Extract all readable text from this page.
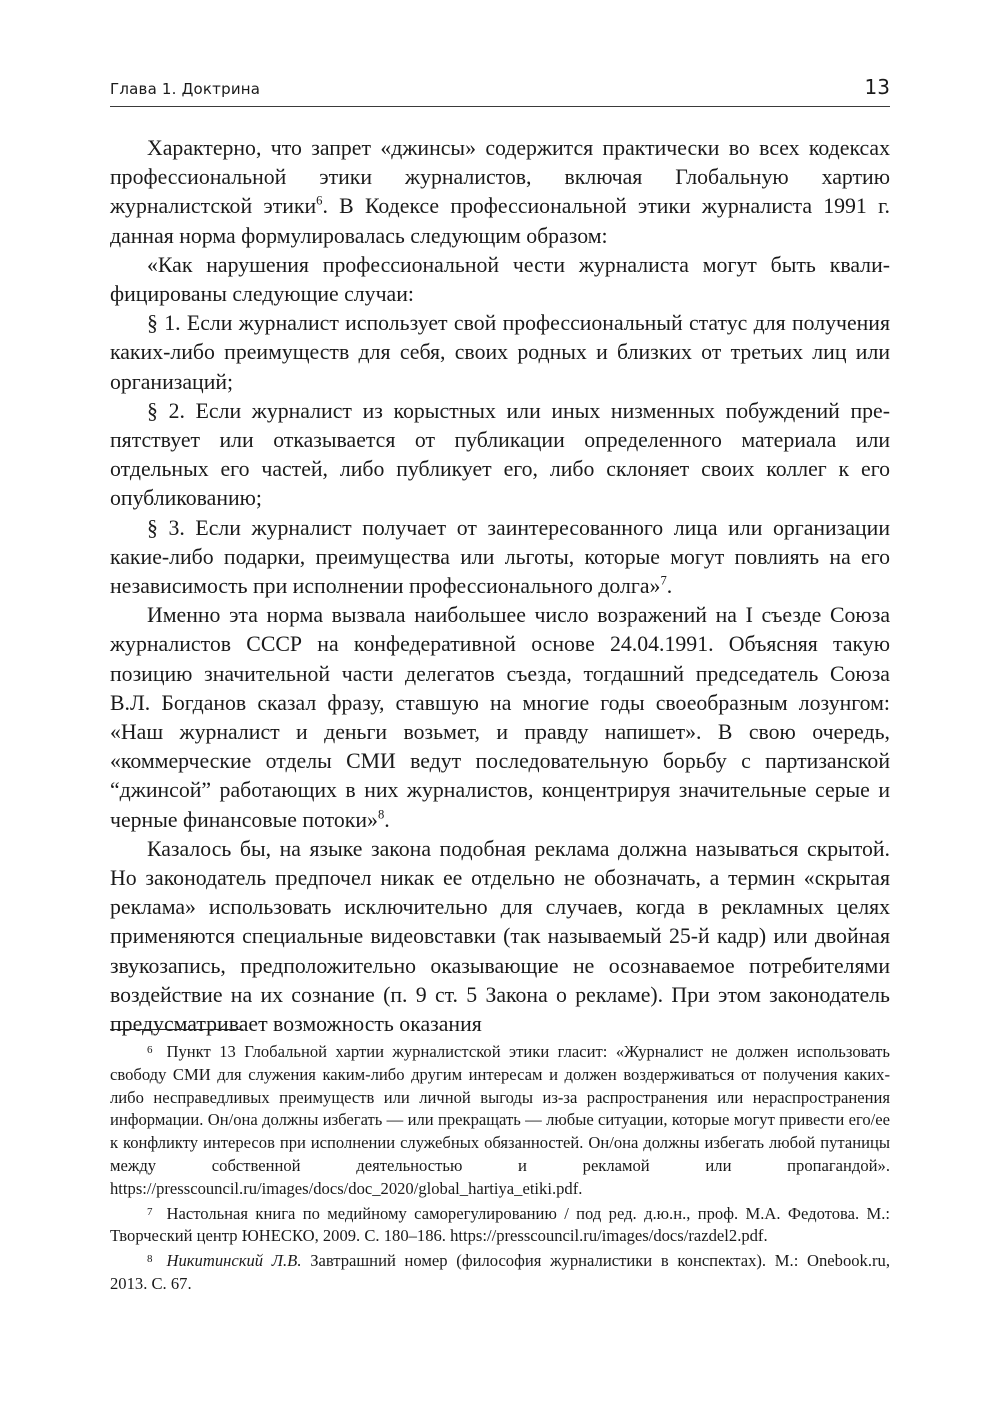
Глава 1. Доктрина	13

Характерно, что запрет «джинсы» содержится практически во всех кодексах профессиональной этики журналистов, включая Глобальную хартию журналистской этики$^6$. В Кодексе профессиональной этики журналиста 1991 г. данная норма формулировалась следующим образом:

«Как нарушения профессиональной чести журналиста могут быть квалифицированы следующие случаи:

§ 1. Если журналист использует свой профессиональный статус для получения каких-либо преимуществ для себя, своих родных и близких от третьих лиц или организаций;

§ 2. Если журналист из корыстных или иных низменных побуждений препятствует или отказывается от публикации определенного материала или отдельных его частей, либо публикует его, либо склоняет своих коллег к его опубликованию;

§ 3. Если журналист получает от заинтересованного лица или организации какие-либо подарки, преимущества или льготы, которые могут повлиять на его независимость при исполнении профессионального долга»$^7$.

Именно эта норма вызвала наибольшее число возражений на I съезде Союза журналистов СССР на конфедеративной основе 24.04.1991. Объясняя такую позицию значительной части делегатов съезда, тогдашний председатель Союза В.Л. Богданов сказал фразу, ставшую на многие годы своеобразным лозунгом: «Наш журналист и деньги возьмет, и правду напишет». В свою очередь, «коммерческие отделы СМИ ведут последовательную борьбу с партизанской “джинсой” работающих в них журналистов, концентрируя значительные серые и черные финансовые потоки»$^8$.

Казалось бы, на языке закона подобная реклама должна называться скрытой. Но законодатель предпочел никак ее отдельно не обозначать, а термин «скрытая реклама» использовать исключительно для случаев, когда в рекламных целях применяются специальные видеовставки (так называемый 25-й кадр) или двойная звукозапись, предположительно оказывающие не осознаваемое потребителями воздействие на их сознание (п. 9 ст. 5 Закона о рекламе). При этом законодатель предусматривает возможность оказания

$^6$ Пункт 13 Глобальной хартии журналистской этики гласит: «Журналист не должен использовать свободу СМИ для служения каким-либо другим интересам и должен воздерживаться от получения каких-либо несправедливых преимуществ или личной выгоды из-за распространения или нераспространения информации. Он/она должны избегать — или прекращать — любые ситуации, которые могут привести его/ее к конфликту интересов при исполнении служебных обязанностей. Он/она должны избегать любой путаницы между собственной деятельностью и рекламой или пропагандой». https://presscouncil.ru/images/docs/doc_2020/global_hartiya_etiki.pdf.

$^7$ Настольная книга по медийному саморегулированию / под ред. д.ю.н., проф. М.А. Федотова. М.: Творческий центр ЮНЕСКО, 2009. С. 180–186. https://presscouncil.ru/images/docs/razdel2.pdf.

$^8$ Никитинский Л.В. Завтрашний номер (философия журналистики в конспектах). М.: Onebook.ru, 2013. С. 67.
